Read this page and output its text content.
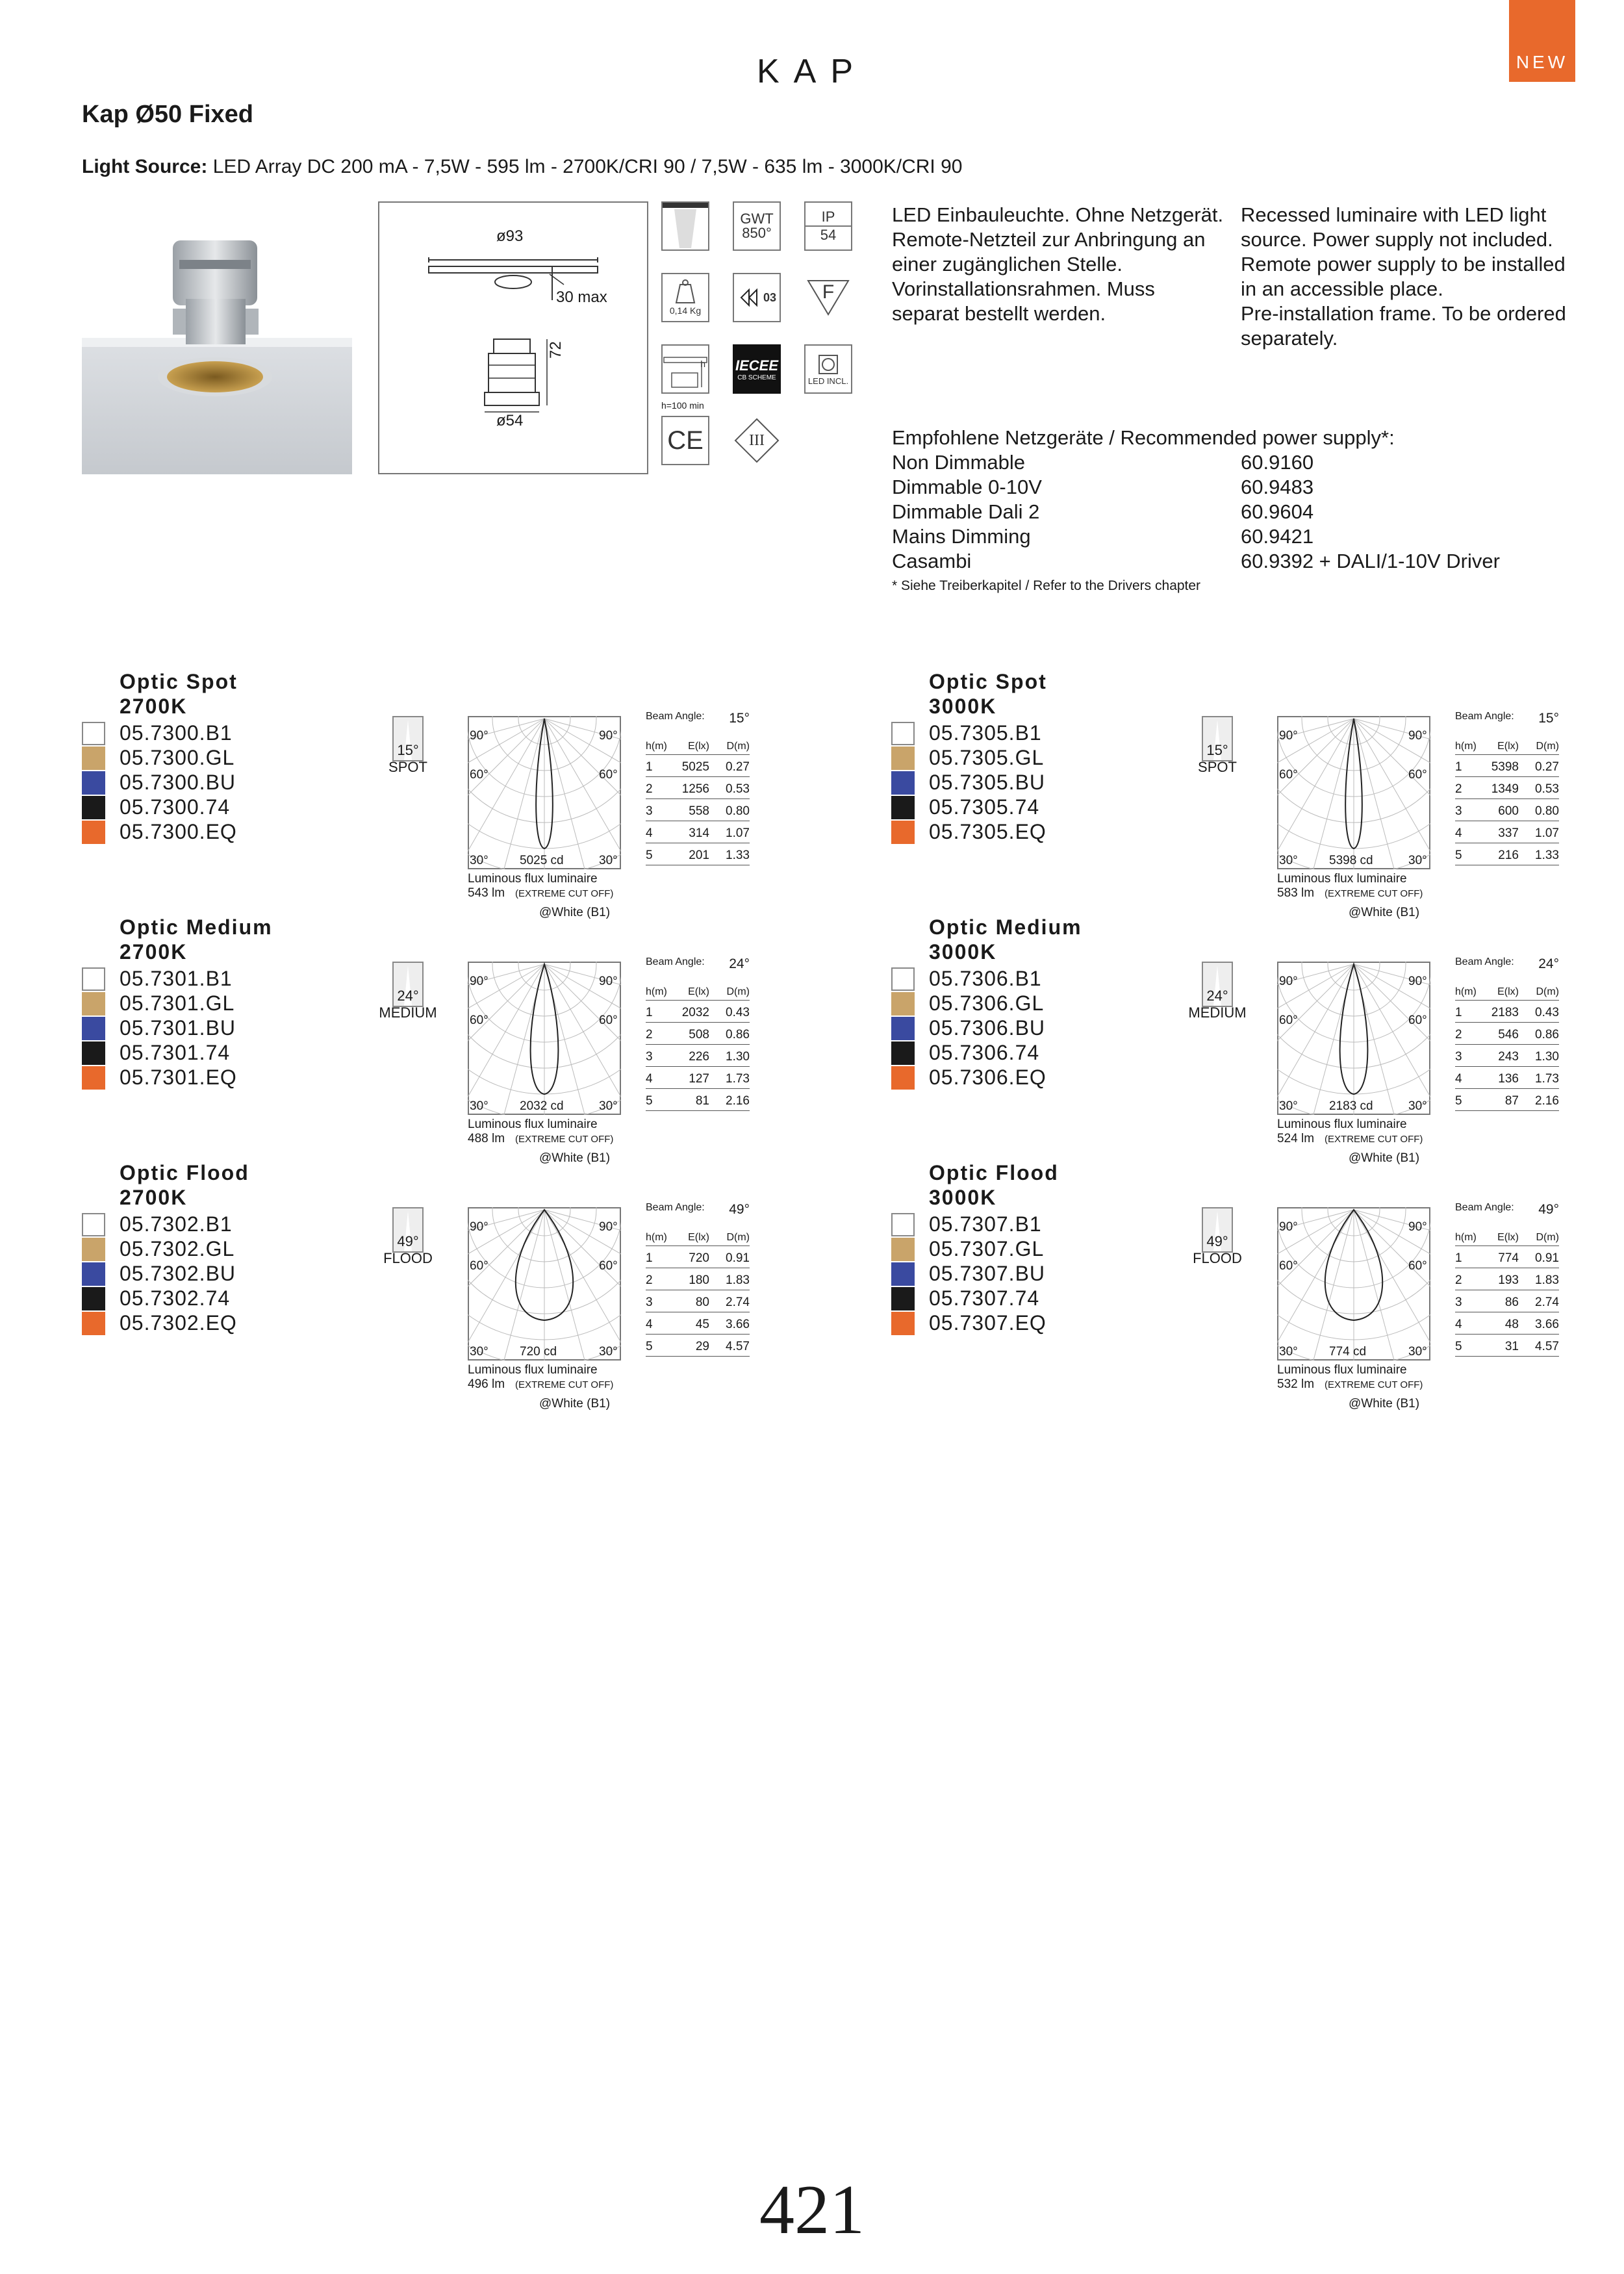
NEW
KAP
Kap Ø50 Fixed
Light Source: LED Array DC 200 mA - 7,5W - 595 lm - 2700K/CRI 90 / 7,5W - 635 lm - 3000K/CRI 90
ø93
30 max
72
ø54
GWT
850°
IP
54
0,14 Kg
03 F
h
h=100 min
IECEE
CB SCHEME	LED INCL.
CE	III
LED Einbauleuchte. Ohne Netzgerät.
Remote-Netzteil zur Anbringung an
einer zugänglichen Stelle.
Vorinstallationsrahmen. Muss
separat bestellt werden.
Recessed luminaire with LED light
source. Power supply not included.
Remote power supply to be installed
in an accessible place.
Pre-installation frame. To be ordered
separately.
Empfohlene Netzgeräte / Recommended power supply*:
Non Dimmable	60.9160
Dimmable 0-10V	60.9483
Dimmable Dali 2	60.9604
Mains Dimming	60.9421
Casambi	60.9392 + DALI/1-10V Driver
* Siehe Treiberkapitel / Refer to the Drivers chapter
Optic Spot
2700K
05.7300.B1
05.7300.GL
05.7300.BU
05.7300.74
05.7300.EQ
15°
SPOT
90°	90°
60°	60°
30°	30°
5025 cd
Luminous flux luminaire
543 lm (EXTREME CUT OFF)
@White (B1)
Beam Angle: 15°
h(m)	E(lx)	D(m)
1	5025	0.27
2	1256	0.53
3	558	0.80
4	314	1.07
5	201	1.33
Optic Spot
3000K
05.7305.B1
05.7305.GL
05.7305.BU
05.7305.74
05.7305.EQ
15°
SPOT
90°	90°
60°	60°
30°	30°
5398 cd
Luminous flux luminaire
583 lm (EXTREME CUT OFF)
@White (B1)
Beam Angle: 15°
h(m)	E(lx)	D(m)
1	5398	0.27
2	1349	0.53
3	600	0.80
4	337	1.07
5	216	1.33
Optic Medium
2700K
05.7301.B1
05.7301.GL
05.7301.BU
05.7301.74
05.7301.EQ
24°
MEDIUM
90°	90°
60°	60°
30°	30°
2032 cd
Luminous flux luminaire
488 lm (EXTREME CUT OFF)
@White (B1)
Beam Angle: 24°
h(m)	E(lx)	D(m)
1	2032	0.43
2	508	0.86
3	226	1.30
4	127	1.73
5	81	2.16
Optic Medium
3000K
05.7306.B1
05.7306.GL
05.7306.BU
05.7306.74
05.7306.EQ
24°
MEDIUM
90°	90°
60°	60°
30°	30°
2183 cd
Luminous flux luminaire
524 lm (EXTREME CUT OFF)
@White (B1)
Beam Angle: 24°
h(m)	E(lx)	D(m)
1	2183	0.43
2	546	0.86
3	243	1.30
4	136	1.73
5	87	2.16
Optic Flood
2700K
05.7302.B1
05.7302.GL
05.7302.BU
05.7302.74
05.7302.EQ
49°
FLOOD
90°	90°
60°	60°
30°	30°
720 cd
Luminous flux luminaire
496 lm (EXTREME CUT OFF)
@White (B1)
Beam Angle: 49°
h(m)	E(lx)	D(m)
1	720	0.91
2	180	1.83
3	80	2.74
4	45	3.66
5	29	4.57
Optic Flood
3000K
05.7307.B1
05.7307.GL
05.7307.BU
05.7307.74
05.7307.EQ
49°
FLOOD
90°	90°
60°	60°
30°	30°
774 cd
Luminous flux luminaire
532 lm (EXTREME CUT OFF)
@White (B1)
Beam Angle: 49°
h(m)	E(lx)	D(m)
1	774	0.91
2	193	1.83
3	86	2.74
4	48	3.66
5	31	4.57
421
